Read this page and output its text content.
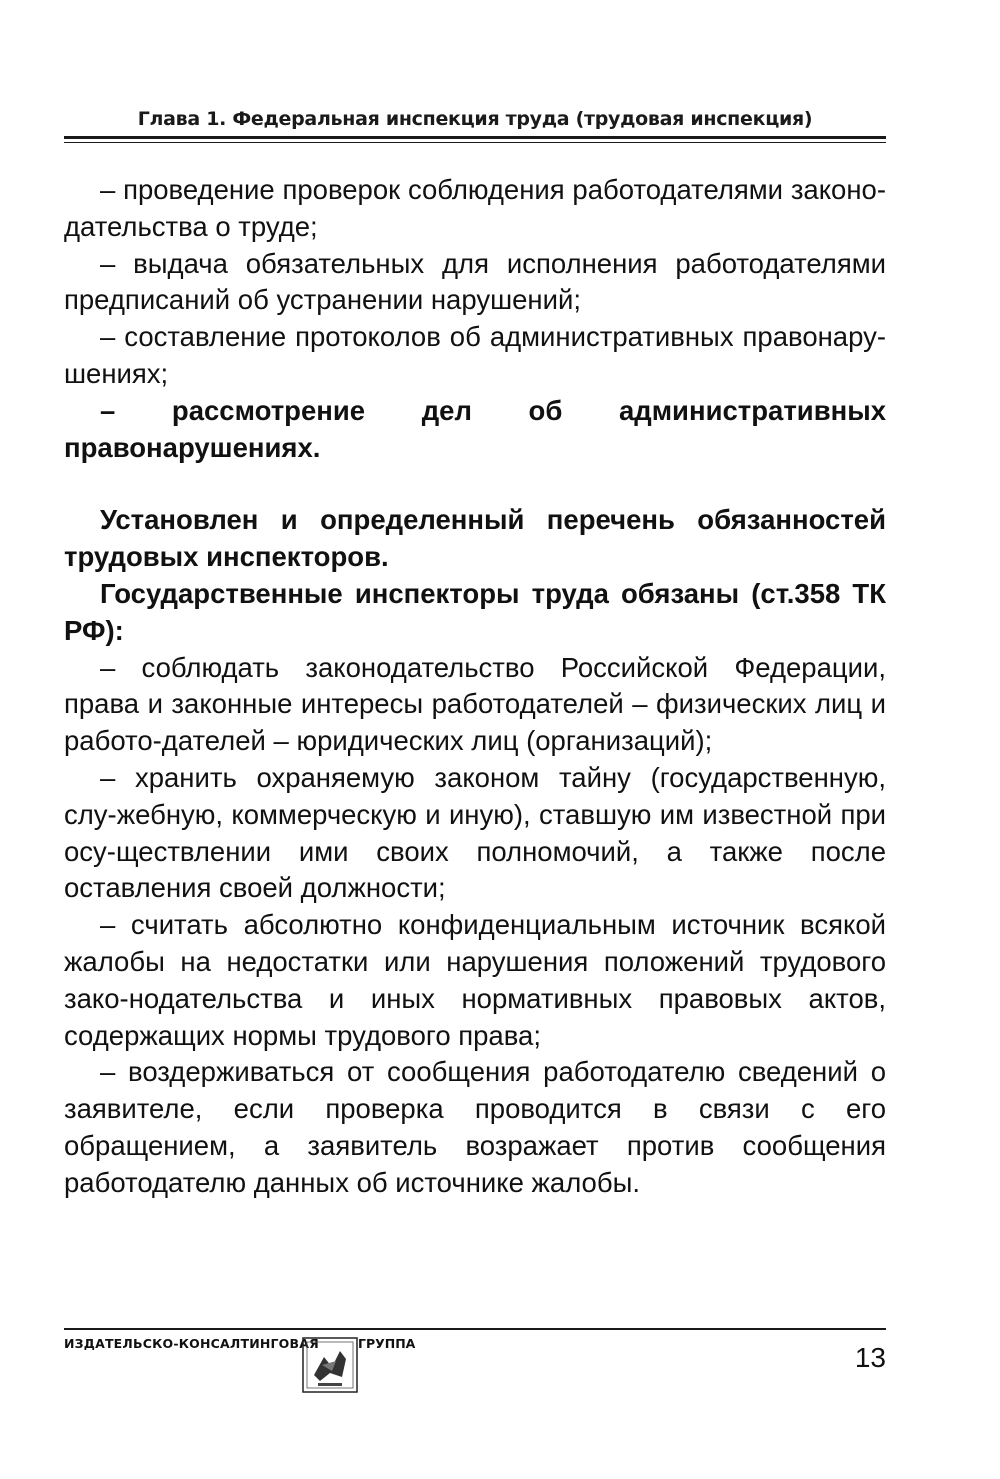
Глава 1. Федеральная инспекция труда (трудовая инспекция)

– проведение проверок соблюдения работодателями законо-дательства о труде;

– выдача обязательных для исполнения работодателями предписаний об устранении нарушений;

– составление протоколов об административных правонару-шениях;

– рассмотрение дел об административных правонарушениях.

Установлен и определенный перечень обязанностей трудовых инспекторов.

Государственные инспекторы труда обязаны (ст.358 ТК РФ):

– соблюдать законодательство Российской Федерации, права и законные интересы работодателей – физических лиц и работо-дателей – юридических лиц (организаций);

– хранить охраняемую законом тайну (государственную, слу-жебную, коммерческую и иную), ставшую им известной при осу-ществлении ими своих полномочий, а также после оставления своей должности;

– считать абсолютно конфиденциальным источник всякой жалобы на недостатки или нарушения положений трудового зако-нодательства и иных нормативных правовых актов, содержащих нормы трудового права;

– воздерживаться от сообщения работодателю сведений о заявителе, если проверка проводится в связи с его обращением, а заявитель возражает против сообщения работодателю данных об источнике жалобы.

ИЗДАТЕЛЬСКО-КОНСАЛТИНГОВАЯ	ГРУППА	13
